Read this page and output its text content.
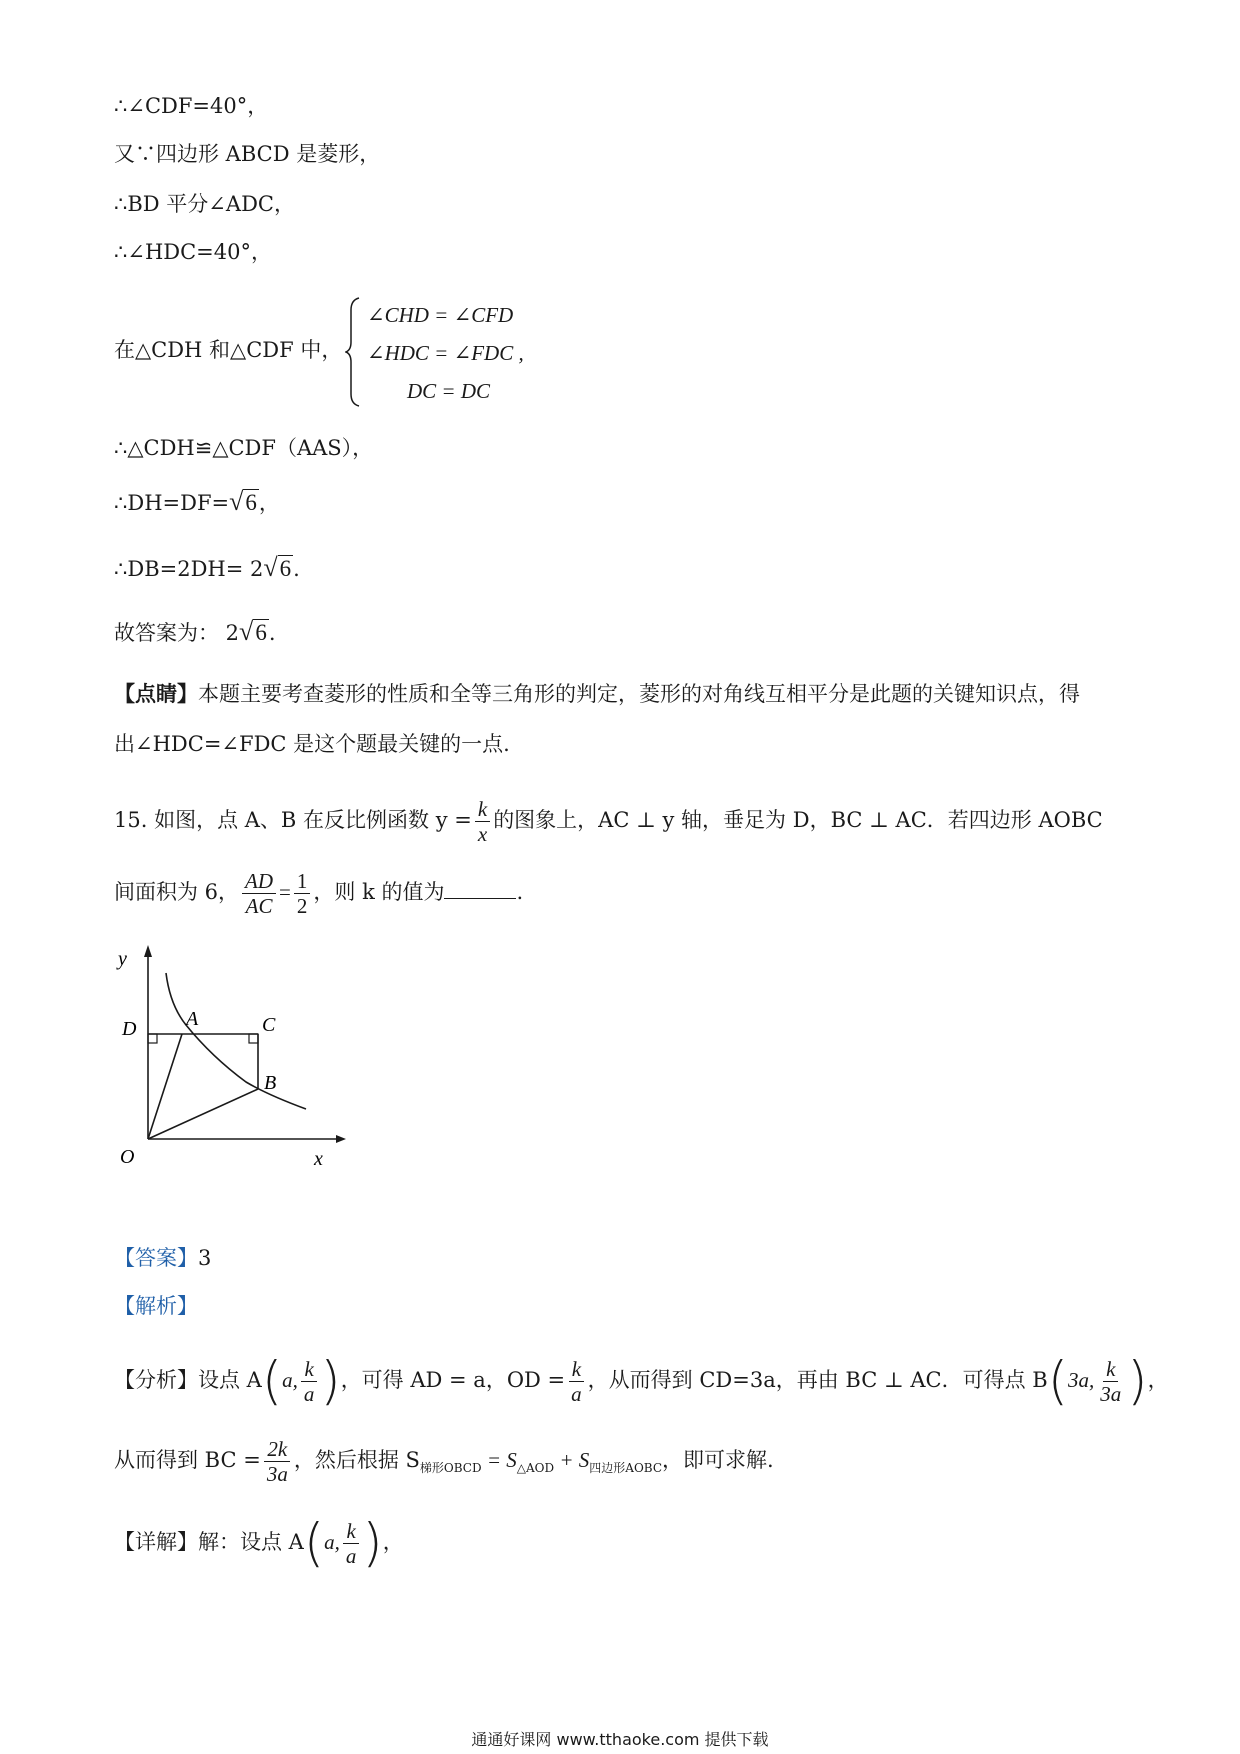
∴∠CDF=40°，
又∵四边形 ABCD 是菱形，
∴BD 平分∠ADC，
∴∠HDC=40°，
在△CDH 和△CDF 中，
∠CHD = ∠CFD
∠HDC = ∠FDC ,
DC = DC
∴△CDH≌△CDF（AAS），
∴DH=DF=√6，
∴DB=2DH= 2√6.
故答案为： 2√6.
【点睛】本题主要考查菱形的性质和全等三角形的判定，菱形的对角线互相平分是此题的关键知识点，得
出∠HDC=∠FDC 是这个题最关键的一点.
15. 如图，点 A、B 在反比例函数 $y = \frac{k}{x}$ 的图象上，AC ⊥ y 轴，垂足为 D，BC ⊥ AC．若四边形 AOBC
间面积为 6， $\frac{AD}{AC} = \frac{1}{2}$ ，则 k 的值为	.
y
x
O
D A	C
B
【答案】3
【解析】
【分析】设点 A(a, $\frac{k}{a}$ )，可得 AD = a，OD = $\frac{k}{a}$ ，从而得到 CD=3a，再由 BC ⊥ AC．可得点 B(3a, $\frac{k}{3a}$ )，
从而得到 BC = $\frac{2k}{3a}$ ，然后根据 $S_{梯形OBCD} = S_{\triangle AOD} + S_{四边形AOBC}$，即可求解.
【详解】解：设点 A(a, $\frac{k}{a}$ )，
通通好课网 www.tthaoke.com 提供下载
